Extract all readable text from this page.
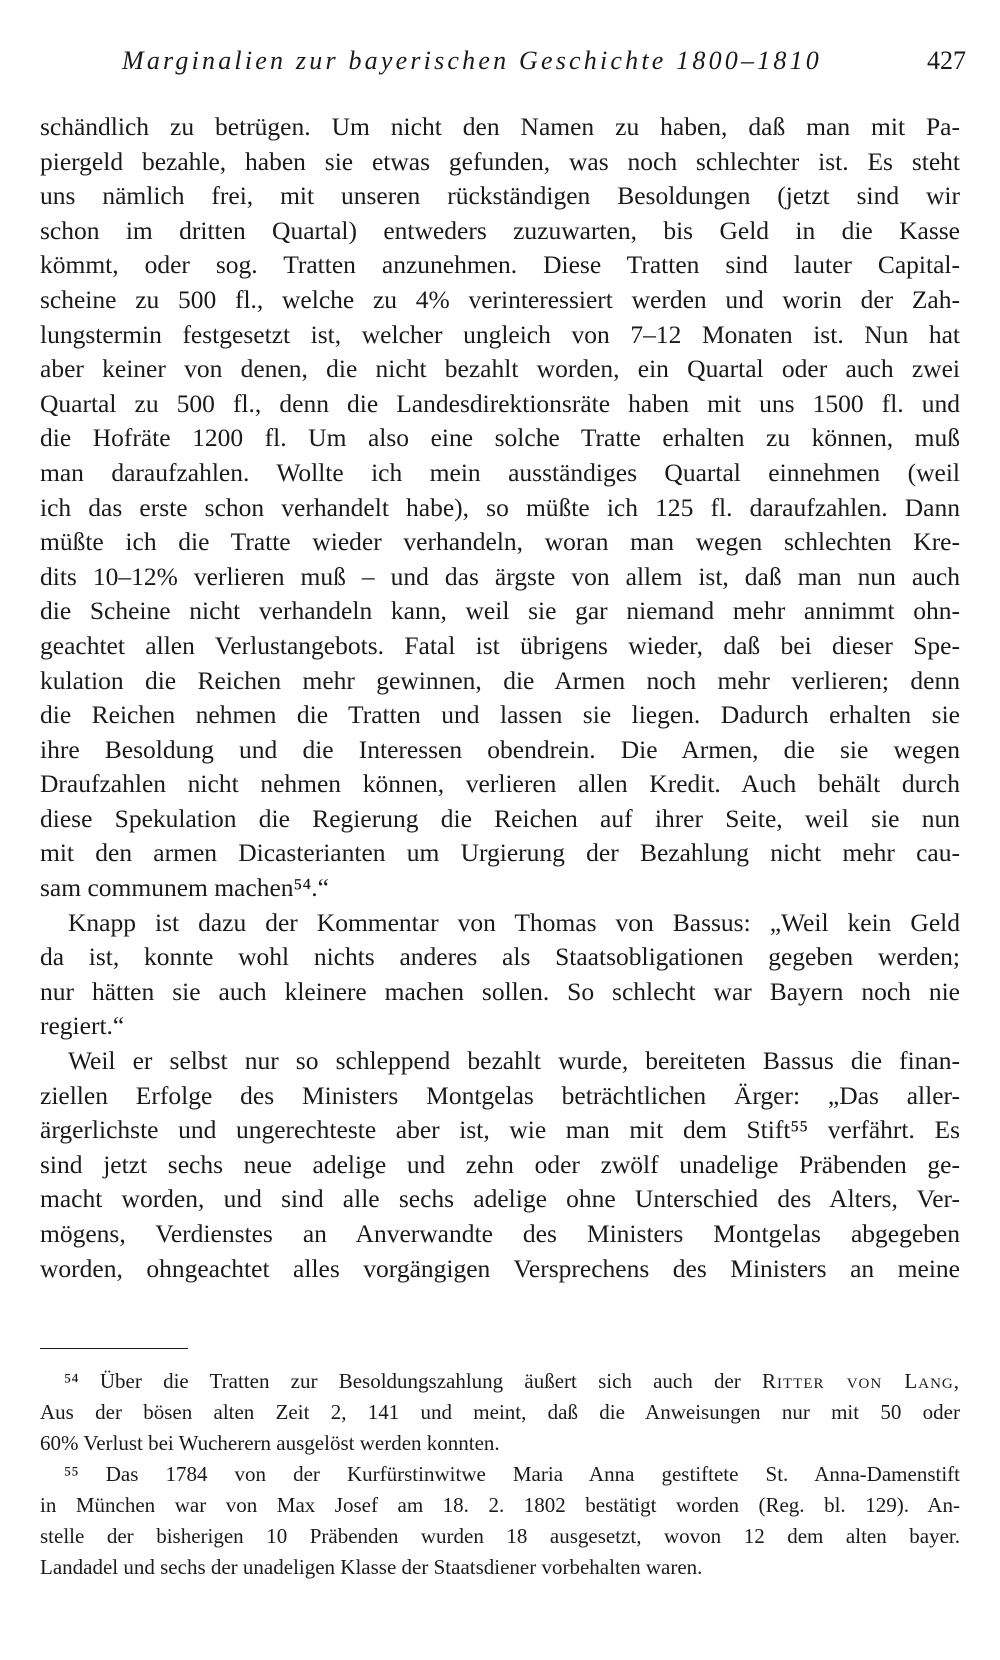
Marginalien zur bayerischen Geschichte 1800–1810	427
schändlich zu betrügen. Um nicht den Namen zu haben, daß man mit Pa-
piergeld bezahle, haben sie etwas gefunden, was noch schlechter ist. Es steht
uns nämlich frei, mit unseren rückständigen Besoldungen (jetzt sind wir
schon im dritten Quartal) entweders zuzuwarten, bis Geld in die Kasse
kömmt, oder sog. Tratten anzunehmen. Diese Tratten sind lauter Capital-
scheine zu 500 fl., welche zu 4% verinteressiert werden und worin der Zah-
lungstermin festgesetzt ist, welcher ungleich von 7–12 Monaten ist. Nun hat
aber keiner von denen, die nicht bezahlt worden, ein Quartal oder auch zwei
Quartal zu 500 fl., denn die Landesdirektionsräte haben mit uns 1500 fl. und
die Hofräte 1200 fl. Um also eine solche Tratte erhalten zu können, muß
man daraufzahlen. Wollte ich mein ausständiges Quartal einnehmen (weil
ich das erste schon verhandelt habe), so müßte ich 125 fl. daraufzahlen. Dann
müßte ich die Tratte wieder verhandeln, woran man wegen schlechten Kre-
dits 10–12% verlieren muß – und das ärgste von allem ist, daß man nun auch
die Scheine nicht verhandeln kann, weil sie gar niemand mehr annimmt ohn-
geachtet allen Verlustangebots. Fatal ist übrigens wieder, daß bei dieser Spe-
kulation die Reichen mehr gewinnen, die Armen noch mehr verlieren; denn
die Reichen nehmen die Tratten und lassen sie liegen. Dadurch erhalten sie
ihre Besoldung und die Interessen obendrein. Die Armen, die sie wegen
Draufzahlen nicht nehmen können, verlieren allen Kredit. Auch behält durch
diese Spekulation die Regierung die Reichen auf ihrer Seite, weil sie nun
mit den armen Dicasterianten um Urgierung der Bezahlung nicht mehr cau-
sam communem machen⁵⁴.“
Knapp ist dazu der Kommentar von Thomas von Bassus: „Weil kein Geld
da ist, konnte wohl nichts anderes als Staatsobligationen gegeben werden;
nur hätten sie auch kleinere machen sollen. So schlecht war Bayern noch nie
regiert.“
Weil er selbst nur so schleppend bezahlt wurde, bereiteten Bassus die finan-
ziellen Erfolge des Ministers Montgelas beträchtlichen Ärger: „Das aller-
ärgerlichste und ungerechteste aber ist, wie man mit dem Stift⁵⁵ verfährt. Es
sind jetzt sechs neue adelige und zehn oder zwölf unadelige Präbenden ge-
macht worden, und sind alle sechs adelige ohne Unterschied des Alters, Ver-
mögens, Verdienstes an Anverwandte des Ministers Montgelas abgegeben
worden, ohngeachtet alles vorgängigen Versprechens des Ministers an meine
⁵⁴ Über die Tratten zur Besoldungszahlung äußert sich auch der Ritter von Lang,
Aus der bösen alten Zeit 2, 141 und meint, daß die Anweisungen nur mit 50 oder
60% Verlust bei Wucherern ausgelöst werden konnten.
⁵⁵ Das 1784 von der Kurfürstinwitwe Maria Anna gestiftete St. Anna-Damenstift
in München war von Max Josef am 18. 2. 1802 bestätigt worden (Reg. bl. 129). An-
stelle der bisherigen 10 Präbenden wurden 18 ausgesetzt, wovon 12 dem alten bayer.
Landadel und sechs der unadeligen Klasse der Staatsdiener vorbehalten waren.
